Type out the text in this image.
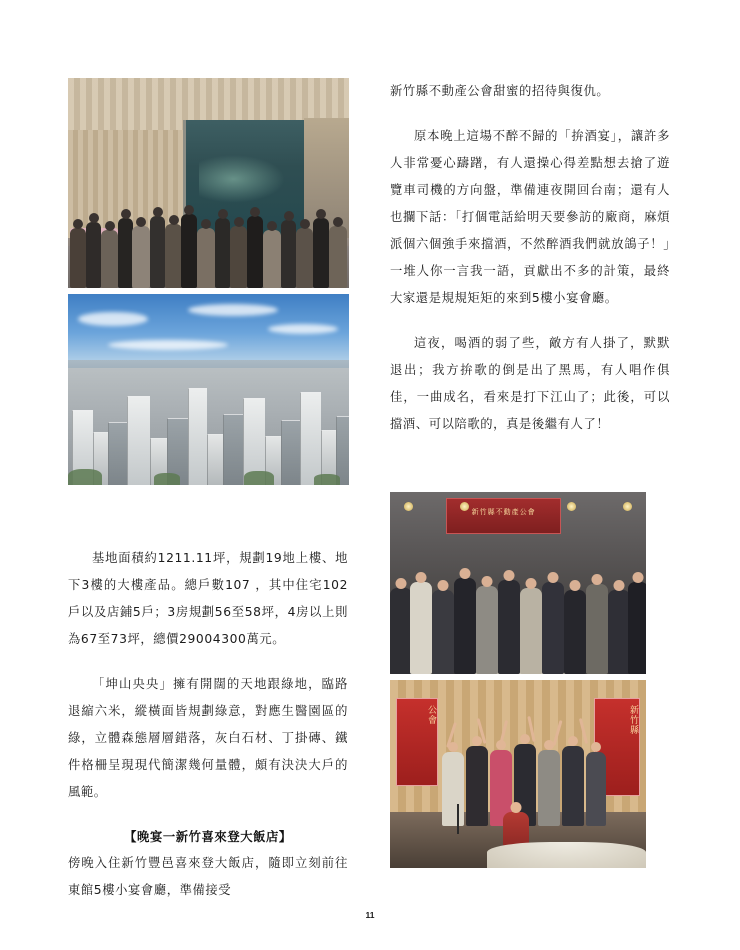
基地面積約1211.11坪，規劃19地上樓、地下3樓的大樓產品。總戶數107 ，其中住宅102戶以及店鋪5戶；3房規劃56至58坪，4房以上則為67至73坪，總價29004300萬元。

「坤山央央」擁有開闊的天地跟綠地，臨路退縮六米，縱橫面皆規劃綠意，對應生醫園區的綠，立體森態層層錯落，灰白石材、丁掛磚、鐵件格柵呈現現代簡潔幾何量體，頗有決決大戶的風範。

【晚宴一新竹喜來登大飯店】

傍晚入住新竹豐邑喜來登大飯店，隨即立刻前往東館5樓小宴會廳，準備接受

新竹縣不動產公會甜蜜的招待與復仇。

原本晚上這場不醉不歸的「拚酒宴」，讓許多人非常憂心躊躇，有人還操心得差點想去搶了遊覽車司機的方向盤，準備連夜開回台南；還有人也攔下話：「打個電話給明天要參訪的廠商，麻煩派個六個強手來擋酒，不然醉酒我們就放鴿子！」一堆人你一言我一語，貢獻出不多的計策，最終大家還是規規矩矩的來到5樓小宴會廳。

這夜，喝酒的弱了些，敵方有人掛了，默默退出；我方拚歌的倒是出了黑馬，有人唱作俱佳，一曲成名，看來是打下江山了；此後，可以擋酒、可以陪歌的，真是後繼有人了！

新竹縣不動產公會
公會	新竹縣
11
